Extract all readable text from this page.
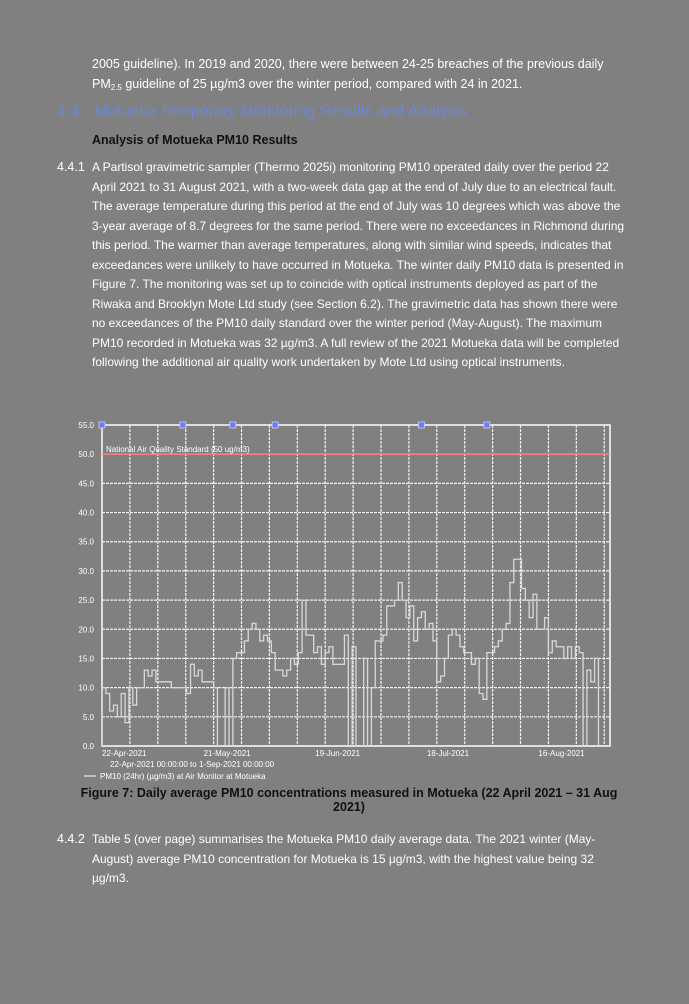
2005 guideline). In 2019 and 2020, there were between 24-25 breaches of the previous daily
$PM_{2.5}$ guideline of 25 µg/m3 over the winter period, compared with 24 in 2021.
4.4 Motueka Temporary Monitoring Results and Analysis
Analysis of Motueka PM10 Results
4.4.1 A Partisol gravimetric sampler (Thermo 2025i) monitoring PM10 operated daily over the period 22 April 2021 to 31 August 2021, with a two-week data gap at the end of July due to an electrical fault. The average temperature during this period at the end of July was 10 degrees which was above the 3-year average of 8.7 degrees for the same period. There were no exceedances in Richmond during this period. The warmer than average temperatures, along with similar wind speeds, indicates that exceedances were unlikely to have occurred in Motueka. The winter daily PM10 data is presented in Figure 7. The monitoring was set up to coincide with optical instruments deployed as part of the Riwaka and Brooklyn Mote Ltd study (see Section 6.2). The gravimetric data has shown there were no exceedances of the PM10 daily standard over the winter period (May-August). The maximum PM10 recorded in Motueka was 32 µg/m3. A full review of the 2021 Motueka data will be completed following the additional air quality work undertaken by Mote Ltd using optical instruments.
0.0
5.0
10.0
15.0
20.0
25.0
30.0
35.0
40.0
45.0
50.0
55.0
National Air Quality Standard (50 ug/m3)
22-Apr-2021	21-May-2021	19-Jun-2021	18-Jul-2021	16-Aug-2021
22-Apr-2021 00:00:00 to 1-Sep-2021 00:00:00
PM10 (24hr) (µg/m3) at Air Monitor at Motueka
Figure 7: Daily average PM10 concentrations measured in Motueka (22 April 2021 – 31 Aug 2021)
4.4.2 Table 5 (over page) summarises the Motueka PM10 daily average data. The 2021 winter (May-August) average PM10 concentration for Motueka is 15 µg/m3, with the highest value being 32 µg/m3.
